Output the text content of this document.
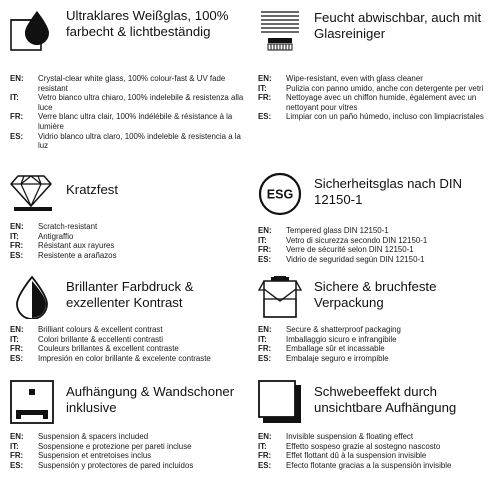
Ultraklares Weißglas, 100% farbecht & lichtbeständig
EN:	Crystal-clear white glass, 100% colour-fast & UV fade resistant
IT:	Vetro bianco ultra chiaro, 100% indelebile & resistenza alla luce
FR:	Verre blanc ultra clair, 100% indélébile & résistance à la lumière
ES:	Vidrio blanco ultra claro, 100% indeleble & resistencia a la luz
Feucht abwischbar, auch mit Glasreiniger
EN:	Wipe-resistant, even with glass cleaner
IT:	Pulizia con panno umido, anche con detergente per vetri
FR:	Nettoyage avec un chiffon humide, également avec un nettoyant pour vitres
ES:	Limpiar con un paño húmedo, incluso con limpiacristales
Kratzfest
EN:	Scratch-resistant
IT:	Antigraffio
FR:	Résistant aux rayures
ES:	Resistente a arañazos
ESG
Sicherheitsglas nach DIN 12150-1
EN:	Tempered glass DIN 12150-1
IT:	Vetro di sicurezza secondo DIN 12150-1
FR:	Verre de sécurité selon DIN 12150-1
ES:	Vidrio de seguridad según DIN 12150-1
Brillanter Farbdruck & exzellenter Kontrast
EN:	Brilliant colours & excellent contrast
IT:	Colori brillante & eccellenti contrasti
FR:	Couleurs brillantes & excellent contraste
ES:	Impresión en color brillante & excelente contraste
Sichere & bruchfeste Verpackung
EN:	Secure & shatterproof packaging
IT:	Imballaggio sicuro e infrangibile
FR:	Emballage sûr et incassable
ES:	Embalaje seguro e irrompible
Aufhängung & Wandschoner inklusive
EN:	Suspension & spacers included
IT:	Sospensione e protezione per pareti incluse
FR:	Suspension et entretoises inclus
ES:	Suspensión y protectores de pared incluidos
Schwebeeffekt durch unsichtbare Aufhängung
EN:	Invisible suspension & floating effect
IT:	Effetto sospeso grazie al sostegno nascosto
FR:	Effet flottant dû à la suspension invisible
ES:	Efecto flotante gracias a la suspensión invisible
